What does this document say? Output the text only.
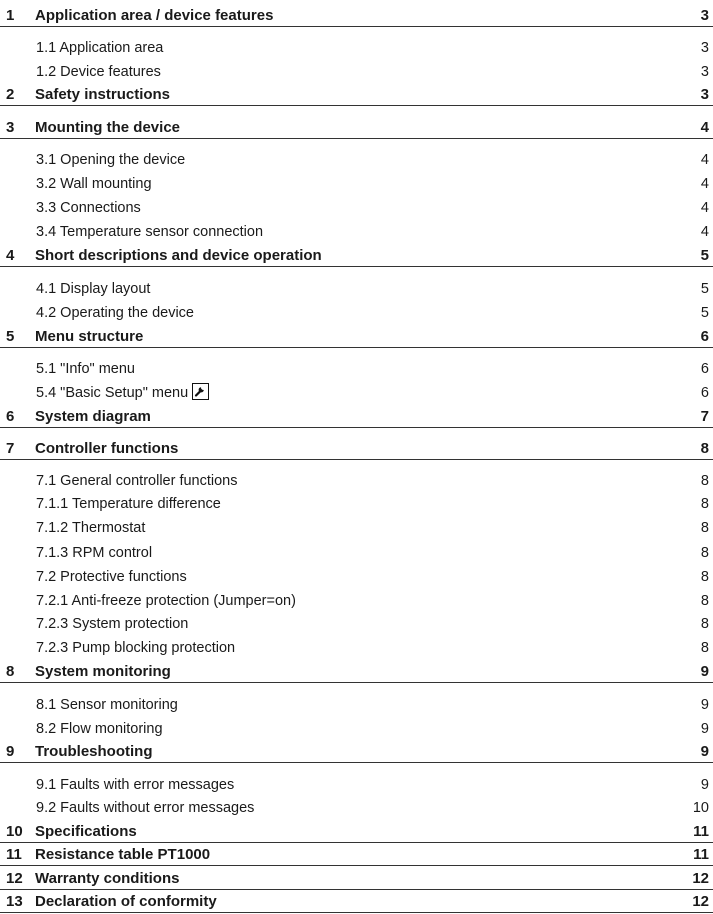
1 Application area / device features	3
1.1 Application area	3
1.2 Device features	3
2 Safety instructions	3
3 Mounting the device	4
3.1 Opening the device	4
3.2 Wall mounting	4
3.3 Connections	4
3.4 Temperature sensor connection	4
4 Short descriptions and device operation	5
4.1 Display layout	5
4.2 Operating the device	5
5 Menu structure	6
5.1 "Info" menu	6
5.4 "Basic Setup" menu	6
6 System diagram	7
7 Controller functions	8
7.1 General controller functions	8
7.1.1 Temperature difference	8
7.1.2 Thermostat	8
7.1.3 RPM control	8
7.2 Protective functions	8
7.2.1 Anti-freeze protection (Jumper=on)	8
7.2.3 System protection	8
7.2.3 Pump blocking protection	8
8 System monitoring	9
8.1 Sensor monitoring	9
8.2 Flow monitoring	9
9 Troubleshooting	9
9.1 Faults with error messages	9
9.2 Faults without error messages	10
10 Specifications	11
11 Resistance table PT1000	11
12 Warranty conditions	12
13 Declaration of conformity	12
